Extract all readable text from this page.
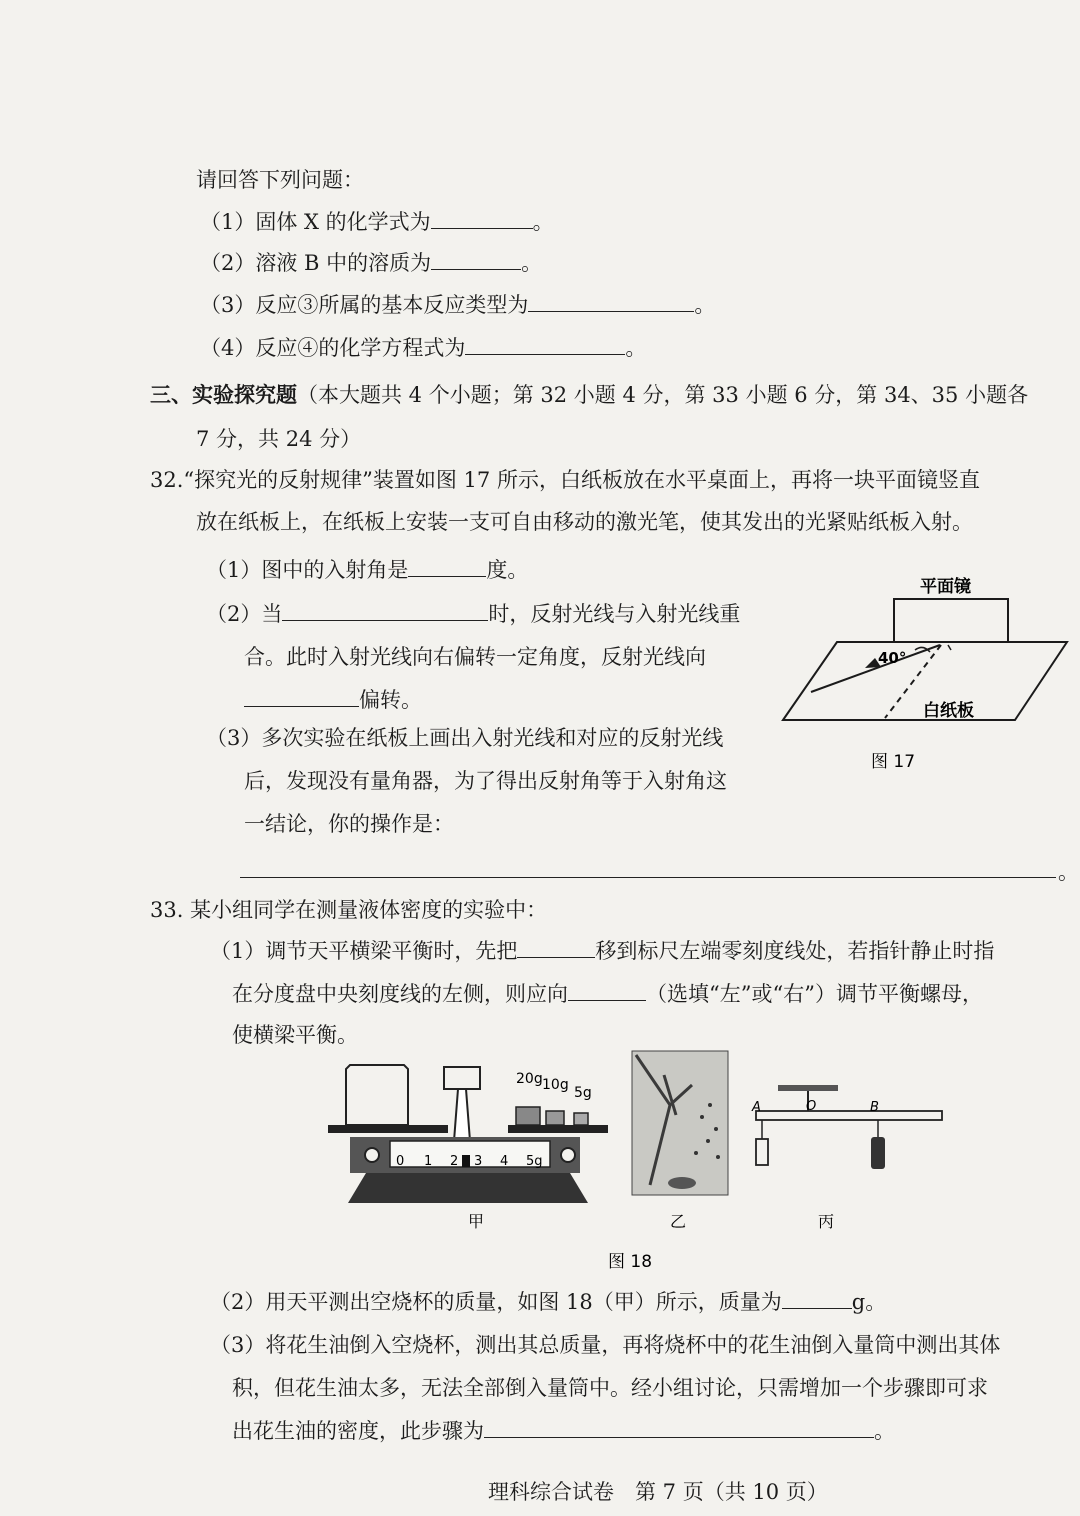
请回答下列问题：
（1）固体 X 的化学式为	。
（2）溶液 B 中的溶质为	。
（3）反应③所属的基本反应类型为	。
（4）反应④的化学方程式为	。
三、实验探究题（本大题共 4 个小题；第 32 小题 4 分，第 33 小题 6 分，第 34、35 小题各
7 分，共 24 分）
32.“探究光的反射规律”装置如图 17 所示，白纸板放在水平桌面上，再将一块平面镜竖直
放在纸板上，在纸板上安装一支可自由移动的激光笔，使其发出的光紧贴纸板入射。
（1）图中的入射角是	度。
（2）当	时，反射光线与入射光线重
合。此时入射光线向右偏转一定角度，反射光线向
偏转。
（3）多次实验在纸板上画出入射光线和对应的反射光线
后，发现没有量角器，为了得出反射角等于入射角这
一结论，你的操作是：
。
平面镜
40°
白纸板
图 17
33. 某小组同学在测量液体密度的实验中：
（1）调节天平横梁平衡时，先把	移到标尺左端零刻度线处，若指针静止时指
在分度盘中央刻度线的左侧，则应向	（选填“左”或“右”）调节平衡螺母，
使横梁平衡。
20g 10g 5g
0 1 2 3 4 5g
甲	乙
A	O	B
丙
图 18
（2）用天平测出空烧杯的质量，如图 18（甲）所示，质量为	g。
（3）将花生油倒入空烧杯，测出其总质量，再将烧杯中的花生油倒入量筒中测出其体
积，但花生油太多，无法全部倒入量筒中。经小组讨论，只需增加一个步骤即可求
出花生油的密度，此步骤为	。
理科综合试卷　第 7 页（共 10 页）
